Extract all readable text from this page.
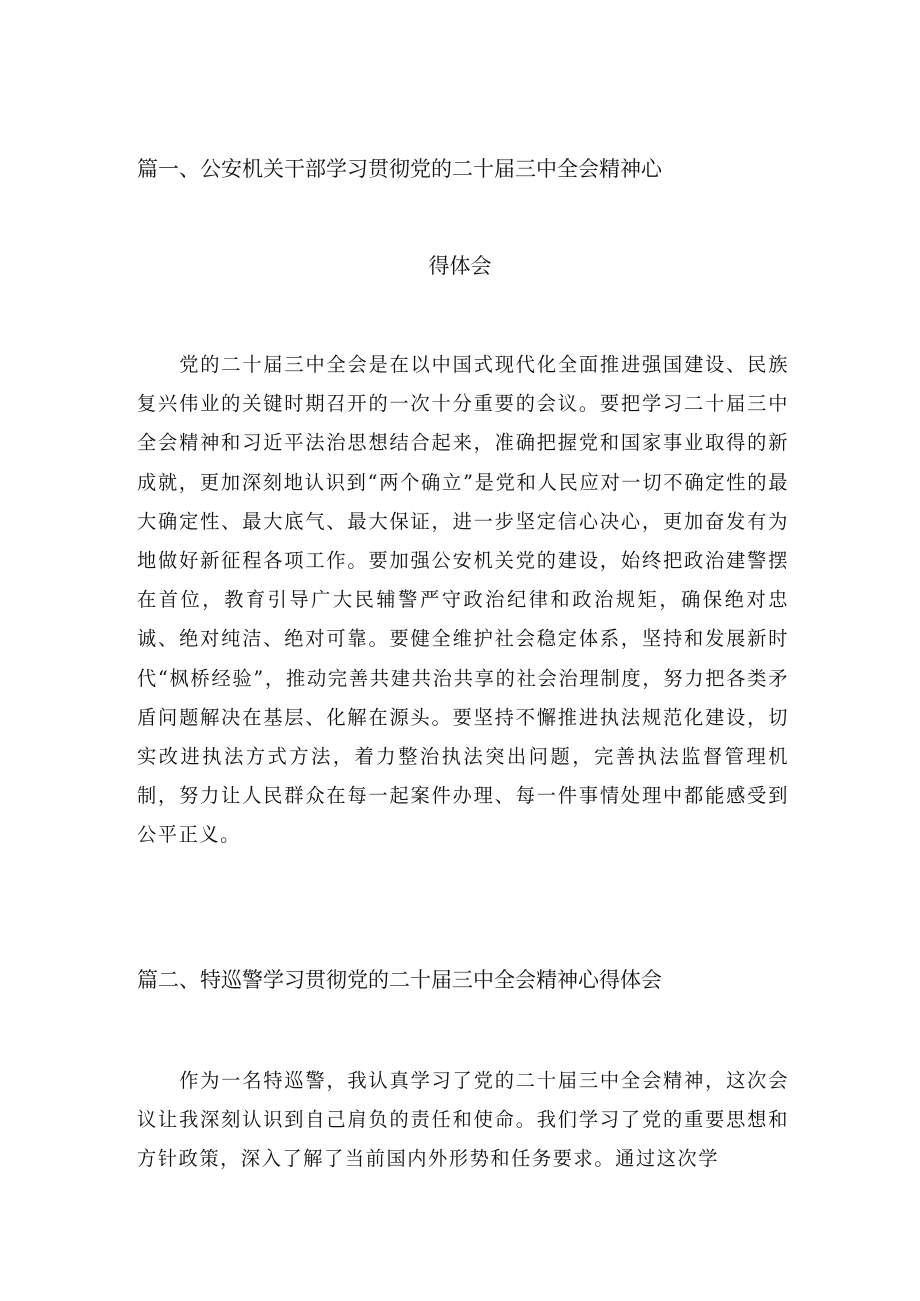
篇一、公安机关干部学习贯彻党的二十届三中全会精神心
得体会

党的二十届三中全会是在以中国式现代化全面推进强国建设、民族复兴伟业的关键时期召开的一次十分重要的会议。要把学习二十届三中全会精神和习近平法治思想结合起来，准确把握党和国家事业取得的新成就，更加深刻地认识到“两个确立”是党和人民应对一切不确定性的最大确定性、最大底气、最大保证，进一步坚定信心决心，更加奋发有为地做好新征程各项工作。要加强公安机关党的建设，始终把政治建警摆在首位，教育引导广大民辅警严守政治纪律和政治规矩，确保绝对忠诚、绝对纯洁、绝对可靠。要健全维护社会稳定体系，坚持和发展新时代“枫桥经验”，推动完善共建共治共享的社会治理制度，努力把各类矛盾问题解决在基层、化解在源头。要坚持不懈推进执法规范化建设，切实改进执法方式方法，着力整治执法突出问题，完善执法监督管理机制，努力让人民群众在每一起案件办理、每一件事情处理中都能感受到公平正义。

篇二、特巡警学习贯彻党的二十届三中全会精神心得体会

作为一名特巡警，我认真学习了党的二十届三中全会精神，这次会议让我深刻认识到自己肩负的责任和使命。我们学习了党的重要思想和方针政策，深入了解了当前国内外形势和任务要求。通过这次学
